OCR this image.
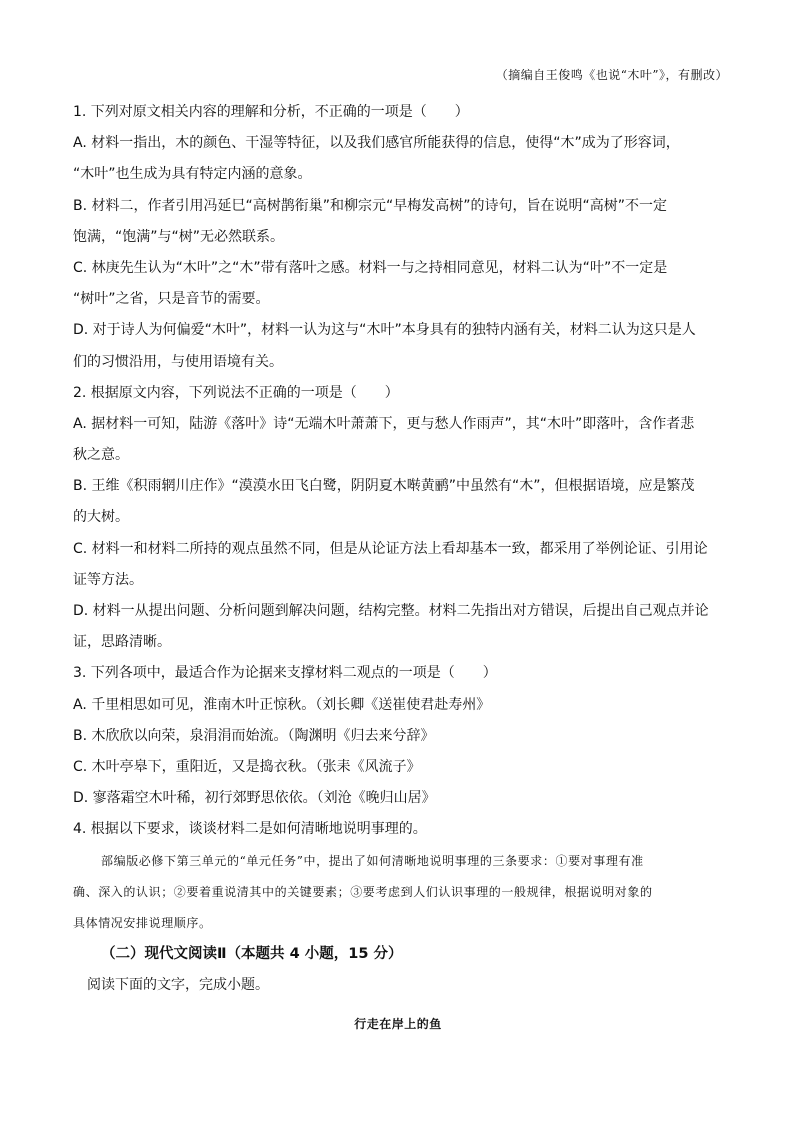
（摘编自王俊鸣《也说“木叶”》，有删改）
1. 下列对原文相关内容的理解和分析，不正确的一项是（　　）
A. 材料一指出，木的颜色、干湿等特征，以及我们感官所能获得的信息，使得“木”成为了形容词，
“木叶”也生成为具有特定内涵的意象。
B. 材料二，作者引用冯延巳“高树鹊衔巢”和柳宗元“早梅发高树”的诗句，旨在说明“高树”不一定
饱满，“饱满”与“树”无必然联系。
C. 林庚先生认为“木叶”之“木”带有落叶之感。材料一与之持相同意见，材料二认为“叶”不一定是
“树叶”之省，只是音节的需要。
D. 对于诗人为何偏爱“木叶”，材料一认为这与“木叶”本身具有的独特内涵有关，材料二认为这只是人
们的习惯沿用，与使用语境有关。
2. 根据原文内容，下列说法不正确的一项是（　　）
A. 据材料一可知，陆游《落叶》诗“无端木叶萧萧下，更与愁人作雨声”，其“木叶”即落叶，含作者悲
秋之意。
B. 王维《积雨辋川庄作》“漠漠水田飞白鹭，阴阴夏木啭黄鹂”中虽然有“木”，但根据语境，应是繁茂
的大树。
C. 材料一和材料二所持的观点虽然不同，但是从论证方法上看却基本一致，都采用了举例论证、引用论
证等方法。
D. 材料一从提出问题、分析问题到解决问题，结构完整。材料二先指出对方错误，后提出自己观点并论
证，思路清晰。
3. 下列各项中，最适合作为论据来支撑材料二观点的一项是（　　）
A. 千里相思如可见，淮南木叶正惊秋。（刘长卿《送崔使君赴寿州》
B. 木欣欣以向荣，泉涓涓而始流。（陶渊明《归去来兮辞》
C. 木叶亭皋下，重阳近，又是捣衣秋。（张耒《风流子》
D. 寥落霜空木叶稀，初行郊野思依依。（刘沧《晚归山居》
4. 根据以下要求，谈谈材料二是如何清晰地说明事理的。
部编版必修下第三单元的“单元任务”中，提出了如何清晰地说明事理的三条要求：①要对事理有准
确、深入的认识；②要着重说清其中的关键要素；③要考虑到人们认识事理的一般规律，根据说明对象的
具体情况安排说理顺序。
（二）现代文阅读Ⅱ（本题共 4 小题，15 分）
阅读下面的文字，完成小题。
行走在岸上的鱼
